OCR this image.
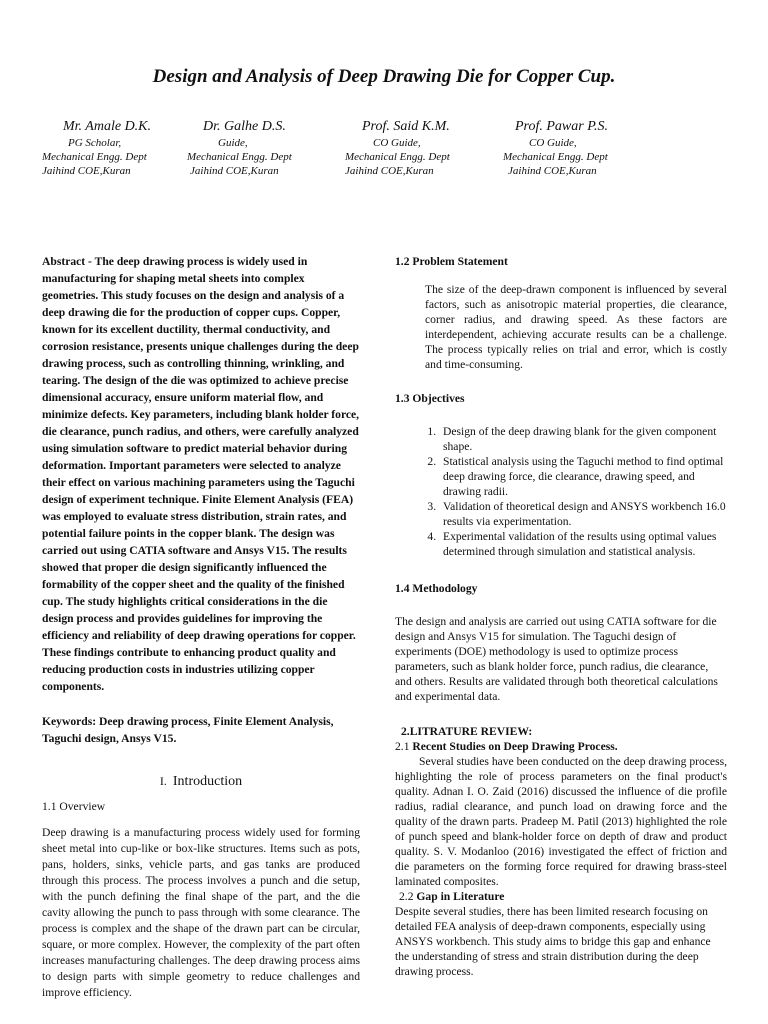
Design and Analysis of Deep Drawing Die for Copper Cup.
Mr. Amale D.K.
PG Scholar,
Mechanical Engg. Dept
Jaihind COE,Kuran
Dr. Galhe D.S.
Guide,
Mechanical Engg. Dept
Jaihind COE,Kuran
Prof. Said K.M.
CO Guide,
Mechanical Engg. Dept
Jaihind COE,Kuran
Prof. Pawar P.S.
CO Guide,
Mechanical Engg. Dept
Jaihind COE,Kuran

Abstract - The deep drawing process is widely used in manufacturing for shaping metal sheets into complex geometries. This study focuses on the design and analysis of a deep drawing die for the production of copper cups. Copper, known for its excellent ductility, thermal conductivity, and corrosion resistance, presents unique challenges during the deep drawing process, such as controlling thinning, wrinkling, and tearing. The design of the die was optimized to achieve precise dimensional accuracy, ensure uniform material flow, and minimize defects. Key parameters, including blank holder force, die clearance, punch radius, and others, were carefully analyzed using simulation software to predict material behavior during deformation. Important parameters were selected to analyze their effect on various machining parameters using the Taguchi design of experiment technique. Finite Element Analysis (FEA) was employed to evaluate stress distribution, strain rates, and potential failure points in the copper blank. The design was carried out using CATIA software and Ansys V15. The results showed that proper die design significantly influenced the formability of the copper sheet and the quality of the finished cup. The study highlights critical considerations in the die design process and provides guidelines for improving the efficiency and reliability of deep drawing operations for copper. These findings contribute to enhancing product quality and reducing production costs in industries utilizing copper components.

Keywords: Deep drawing process, Finite Element Analysis, Taguchi design, Ansys V15.

I. Introduction
1.1 Overview

Deep drawing is a manufacturing process widely used for forming sheet metal into cup-like or box-like structures. Items such as pots, pans, holders, sinks, vehicle parts, and gas tanks are produced through this process. The process involves a punch and die setup, with the punch defining the final shape of the part, and the die cavity allowing the punch to pass through with some clearance. The process is complex and the shape of the drawn part can be circular, square, or more complex. However, the complexity of the part often increases manufacturing challenges. The deep drawing process aims to design parts with simple geometry to reduce challenges and improve efficiency.

1.2 Problem Statement

The size of the deep-drawn component is influenced by several factors, such as anisotropic material properties, die clearance, corner radius, and drawing speed. As these factors are interdependent, achieving accurate results can be a challenge. The process typically relies on trial and error, which is costly and time-consuming.

1.3 Objectives
1. Design of the deep drawing blank for the given component shape.
2. Statistical analysis using the Taguchi method to find optimal deep drawing force, die clearance, drawing speed, and drawing radii.
3. Validation of theoretical design and ANSYS workbench 16.0 results via experimentation.
4. Experimental validation of the results using optimal values determined through simulation and statistical analysis.
1.4 Methodology

The design and analysis are carried out using CATIA software for die design and Ansys V15 for simulation. The Taguchi design of experiments (DOE) methodology is used to optimize process parameters, such as blank holder force, punch radius, die clearance, and others. Results are validated through both theoretical calculations and experimental data.

2.LITRATURE REVIEW:
2.1 Recent Studies on Deep Drawing Process.

Several studies have been conducted on the deep drawing process, highlighting the role of process parameters on the final product's quality. Adnan I. O. Zaid (2016) discussed the influence of die profile radius, radial clearance, and punch load on drawing force and the quality of the drawn parts. Pradeep M. Patil (2013) highlighted the role of punch speed and blank-holder force on depth of draw and product quality. S. V. Modanloo (2016) investigated the effect of friction and die parameters on the forming force required for drawing brass-steel laminated composites.

2.2 Gap in Literature

Despite several studies, there has been limited research focusing on detailed FEA analysis of deep-drawn components, especially using ANSYS workbench. This study aims to bridge this gap and enhance the understanding of stress and strain distribution during the deep drawing process.
